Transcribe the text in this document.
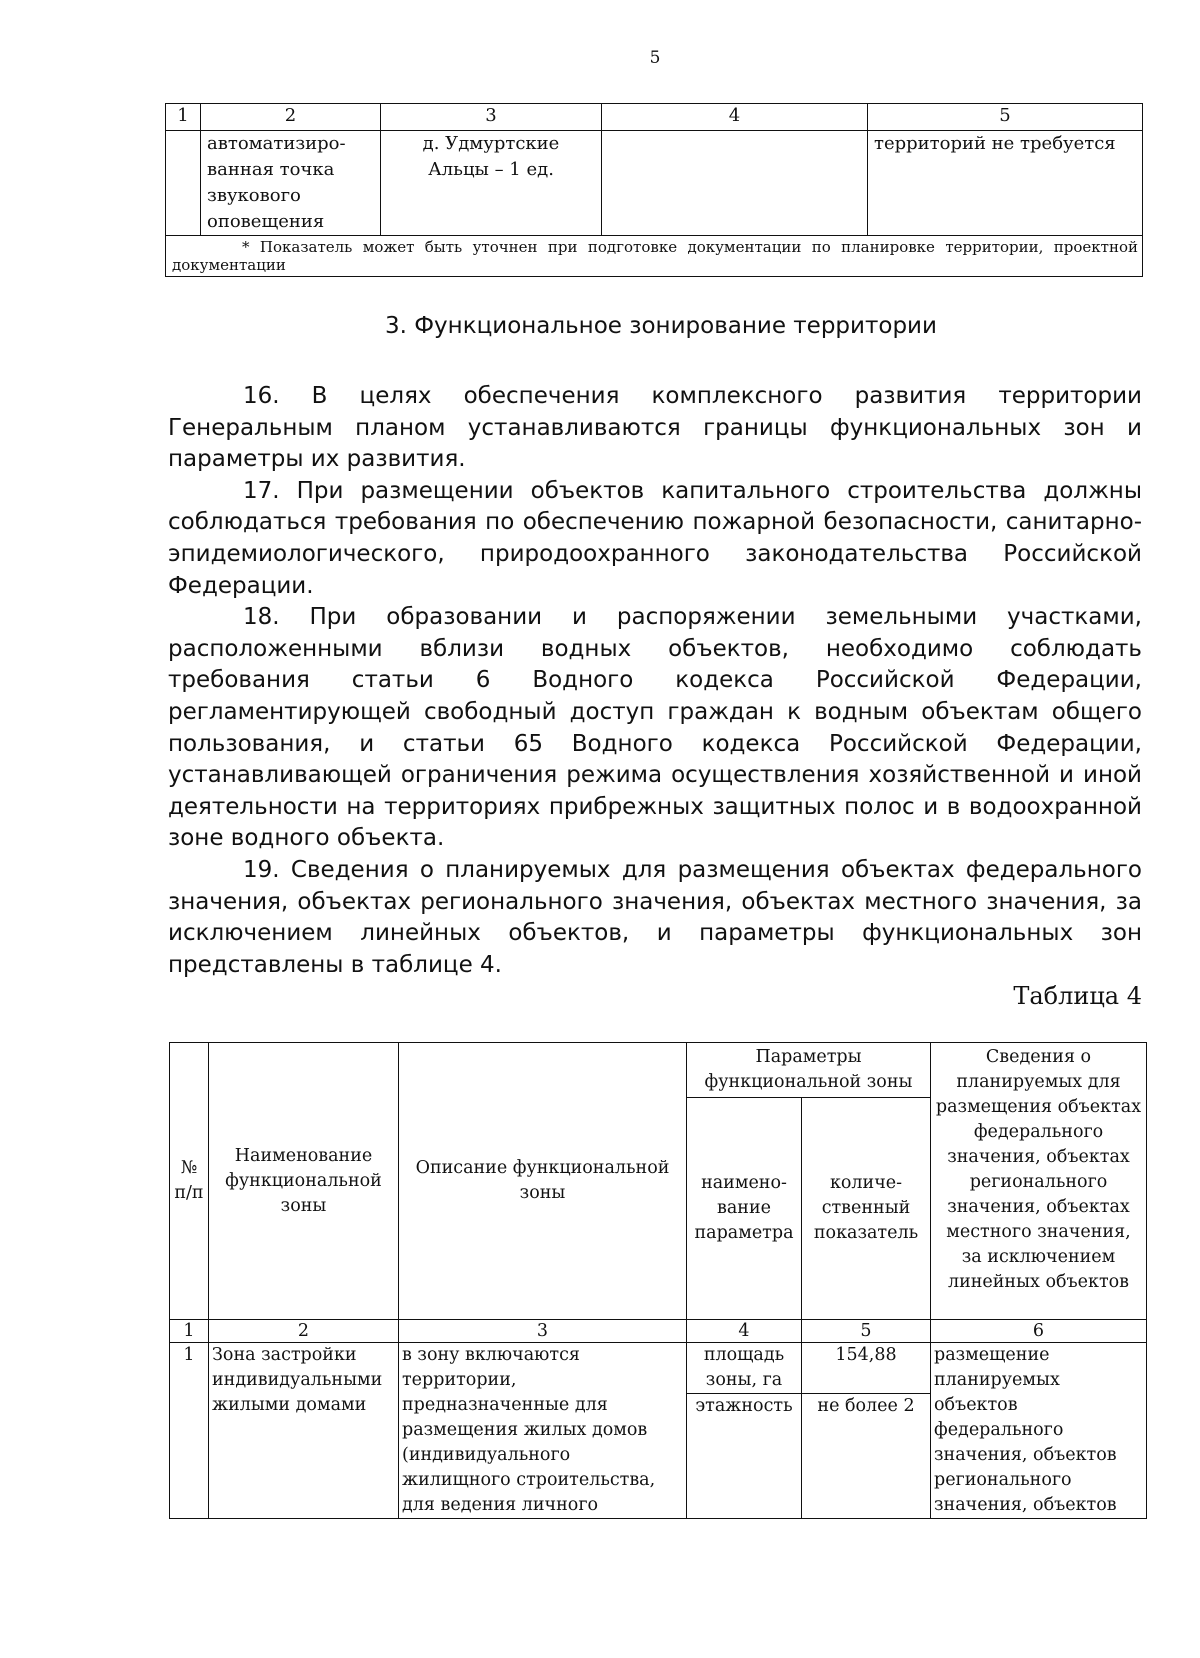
5
1	2	3	4	5
	автоматизиро-ванная точка звукового оповещения	д. Удмуртские Альцы – 1 ед.		территорий не требуется
* Показатель может быть уточнен при подготовке документации по планировке территории, проектной документации				
3. Функциональное зонирование территории

16. В целях обеспечения комплексного развития территории Генеральным планом устанавливаются границы функциональных зон и параметры их развития.

17. При размещении объектов капитального строительства должны соблюдаться требования по обеспечению пожарной безопасности, санитарно-эпидемиологического, природоохранного законодательства Российской Федерации.

18. При образовании и распоряжении земельными участками, расположенными вблизи водных объектов, необходимо соблюдать требования статьи 6 Водного кодекса Российской Федерации, регламентирующей свободный доступ граждан к водным объектам общего пользования, и статьи 65 Водного кодекса Российской Федерации, устанавливающей ограничения режима осуществления хозяйственной и иной деятельности на территориях прибрежных защитных полос и в водоохранной зоне водного объекта.

19. Сведения о планируемых для размещения объектах федерального значения, объектах регионального значения, объектах местного значения, за исключением линейных объектов, и параметры функциональных зон представлены в таблице 4.

Таблица 4
№ п/п	Наименование функциональной зоны	Описание функциональной зоны	Параметры функциональной зоны		Сведения о планируемых для размещения объектах федерального значения, объектах регионального значения, объектах местного значения, за исключением линейных объектов
			наимено-вание параметра	количе-ственный показатель	
1	2	3	4	5	6
1	Зона застройки индивидуальными жилыми домами	в зону включаются территории, предназначенные для размещения жилых домов (индивидуального жилищного строительства, для ведения личного	площадь зоны, га	154,88	размещение планируемых объектов федерального значения, объектов регионального значения, объектов
			этажность	не более 2	
